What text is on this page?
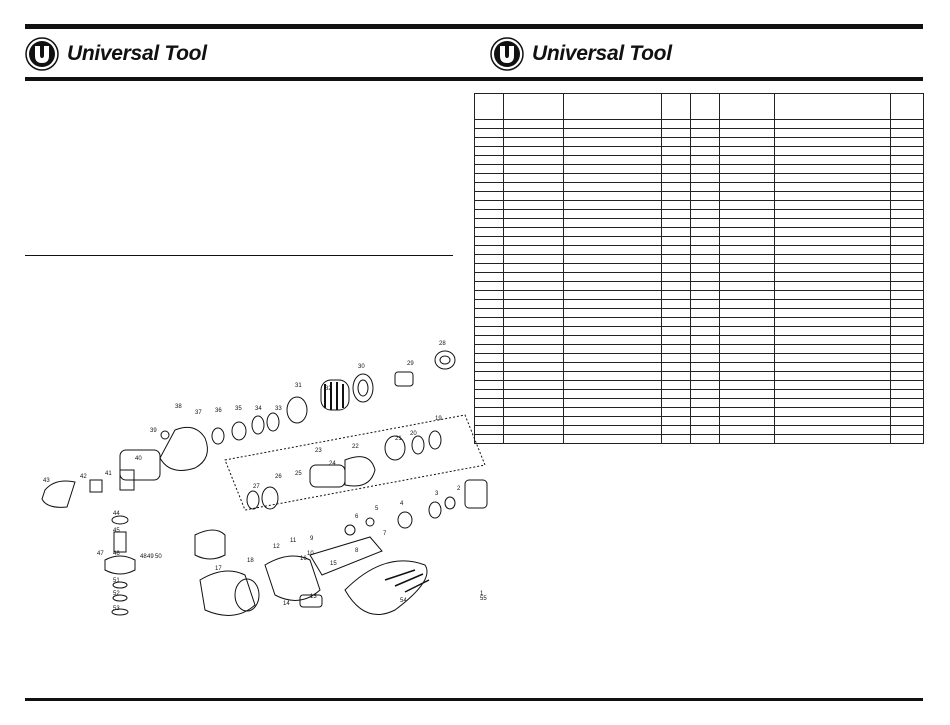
Universal Tool	Universal Tool

1
2
3
4
5
6
7
8
9
10
11
12
13
14
15
16
17
18
19
20
21
22
23
24
25
26
27
28
29
30
31	32
33
34
35
36
37
38
39
40
41
42
43
44
45
46
47	48 49 50
51
52
53
54	55
